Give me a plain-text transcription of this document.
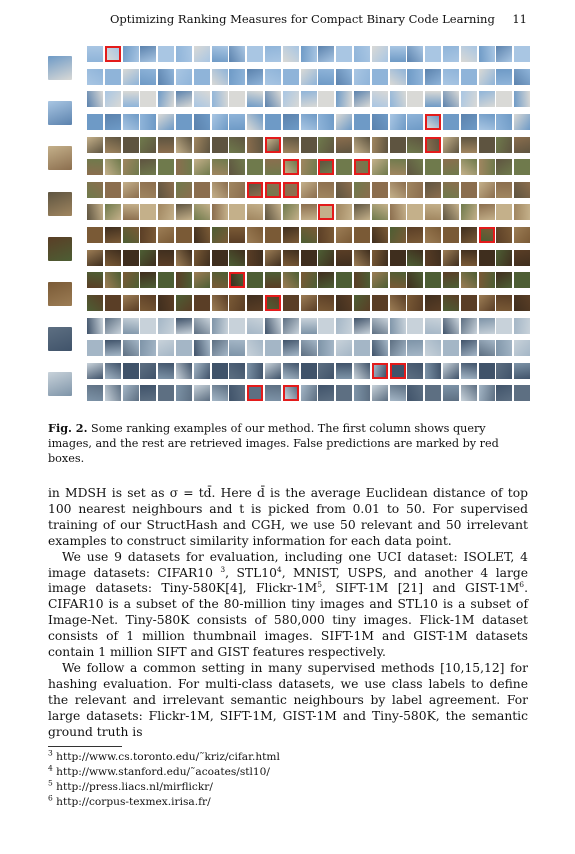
Optimizing Ranking Measures for Compact Binary Code Learning 11
Fig. 2. Some ranking examples of our method. The first column shows query images, and the rest are retrieved images. False predictions are marked by red boxes.

in MDSH is set as σ = td̄. Here d̄ is the average Euclidean distance of top 100 nearest neighbours and t is picked from 0.01 to 50. For supervised training of our StructHash and CGH, we use 50 relevant and 50 irrelevant examples to construct similarity information for each data point.

We use 9 datasets for evaluation, including one UCI dataset: ISOLET, 4 image datasets: CIFAR10 $^3$, $STL10^4$, MNIST, USPS, and another 4 large image datasets: Tiny-580K[4], Flickr-$1M^5$, SIFT-1M [21] and GIST-$1M^6$. CIFAR10 is a subset of the 80-million tiny images and STL10 is a subset of Image-Net. Tiny-580K consists of 580,000 tiny images. Flick-1M dataset consists of 1 million thumbnail images. SIFT-1M and GIST-1M datasets contain 1 million SIFT and GIST features respectively.

We follow a common setting in many supervised methods [10,15,12] for hashing evaluation. For multi-class datasets, we use class labels to define the relevant and irrelevant semantic neighbours by label agreement. For large datasets: Flickr-1M, SIFT-1M, GIST-1M and Tiny-580K, the semantic ground truth is

$^3$ http://www.cs.toronto.edu/˜kriz/cifar.html
$^4$ http://www.stanford.edu/˜acoates/stl10/
$^5$ http://press.liacs.nl/mirflickr/
$^6$ http://corpus-texmex.irisa.fr/
